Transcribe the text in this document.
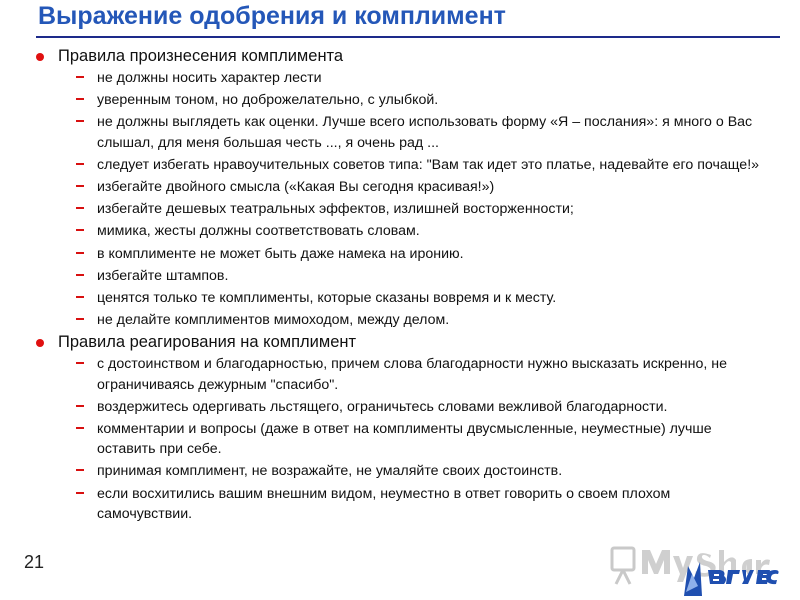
Выражение одобрения и комплимент
Правила произнесения комплимента
не должны носить характер лести
уверенным тоном, но доброжелательно, с улыбкой.
не должны выглядеть как оценки. Лучше всего использовать форму «Я – послания»: я много о Вас слышал, для меня большая честь ..., я очень рад ...
следует избегать нравоучительных советов типа: "Вам так идет это платье, надевайте его почаще!»
избегайте двойного смысла («Какая Вы сегодня красивая!»)
избегайте дешевых театральных эффектов, излишней восторженности;
мимика, жесты должны соответствовать словам.
в комплименте не может быть даже намека на иронию.
избегайте штампов.
ценятся только те комплименты, которые сказаны вовремя и к месту.
не делайте комплиментов мимоходом, между делом.
Правила реагирования на комплимент
с достоинством и благодарностью, причем слова благодарности нужно высказать искренно, не ограничиваясь дежурным "спасибо".
воздержитесь одергивать льстящего, ограничьтесь словами вежливой благодарности.
комментарии и вопросы (даже в ответ на комплименты двусмысленные, неуместные) лучше оставить при себе.
принимая комплимент, не возражайте, не умаляйте своих достоинств.
если восхитились вашим внешним видом, неуместно в ответ говорить о своем плохом самочувствии.
21
